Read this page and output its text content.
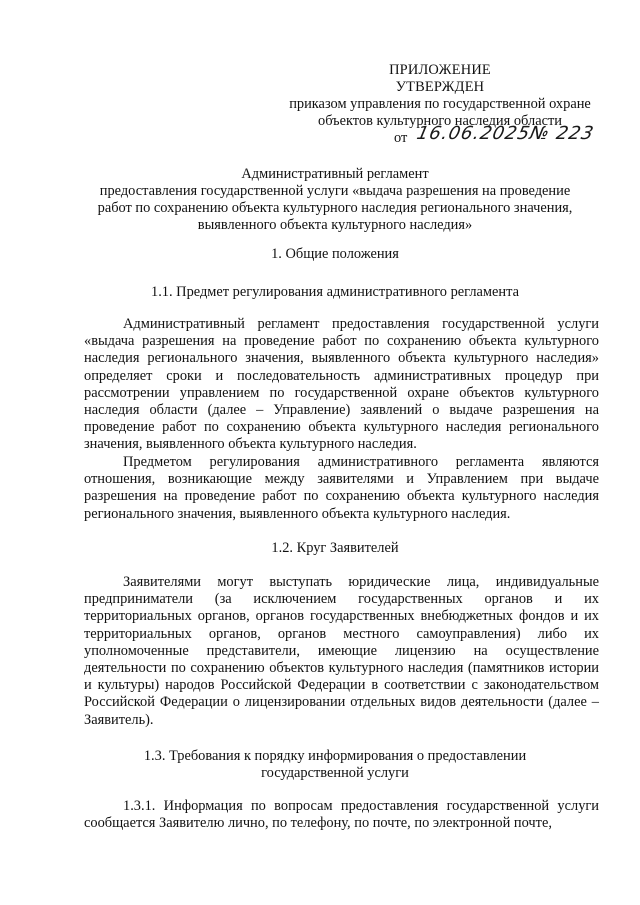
ПРИЛОЖЕНИЕ
УТВЕРЖДЕН
приказом управления по государственной охране
объектов культурного наследия области
от 16.06.2025№ 223
Административный регламент
предоставления государственной услуги «выдача разрешения на проведение
работ по сохранению объекта культурного наследия регионального значения,
выявленного объекта культурного наследия»
1. Общие положения
1.1. Предмет регулирования административного регламента
Административный регламент предоставления государственной услуги «выдача разрешения на проведение работ по сохранению объекта культурного наследия регионального значения, выявленного объекта культурного наследия» определяет сроки и последовательность административных процедур при рассмотрении управлением по государственной охране объектов культурного наследия области (далее – Управление) заявлений о выдаче разрешения на проведение работ по сохранению объекта культурного наследия регионального значения, выявленного объекта культурного наследия.
Предметом регулирования административного регламента являются отношения, возникающие между заявителями и Управлением при выдаче разрешения на проведение работ по сохранению объекта культурного наследия регионального значения, выявленного объекта культурного наследия.
1.2. Круг Заявителей
Заявителями могут выступать юридические лица, индивидуальные предприниматели (за исключением государственных органов и их территориальных органов, органов государственных внебюджетных фондов и их территориальных органов, органов местного самоуправления) либо их уполномоченные представители, имеющие лицензию на осуществление деятельности по сохранению объектов культурного наследия (памятников истории и культуры) народов Российской Федерации в соответствии с законодательством Российской Федерации о лицензировании отдельных видов деятельности (далее – Заявитель).
1.3. Требования к порядку информирования о предоставлении
государственной услуги
1.3.1. Информация по вопросам предоставления государственной услуги сообщается Заявителю лично, по телефону, по почте, по электронной почте,
